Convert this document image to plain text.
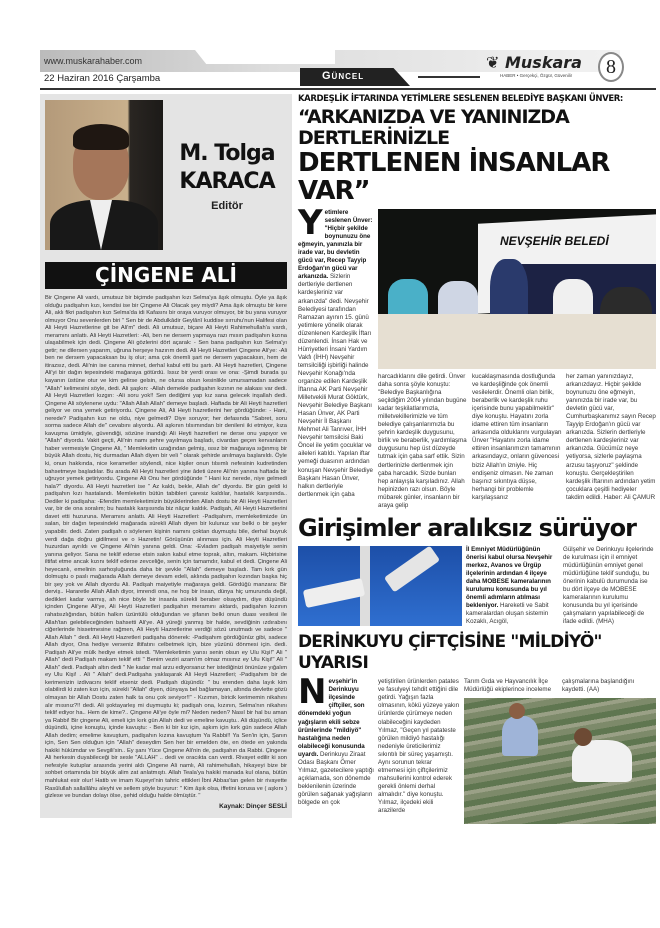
www.muskarahaber.com
22 Haziran 2016 Çarşamba	Güncel
❦ Muskara
HABER • Gerçekçi, Özgür, Güvenilir	8
M. Tolga
KARACA
Editör
ÇİNGENE ALİ
Bir Çingene Ali vardı, umutsuz bir biçimde padişahın kızı Selma'ya âşık olmuştu. Öyle ya âşık olduğu padişahın kızı, kendisi ise bir Çingene Ali Olacak şey miydi? Ama âşık olmuştu bir kere Ali, aklı fikri padişahın kızı Selma'da idi Kafasını bir oraya vuruyor olmuyor, bir bu yana vuruyor olmuyor Onu sevenlerden biri " Sen bir de Abdulkâdir Geylânî kuddise sırruhu'nun Halifesi olan Ali Heyti Hazretlerine git be Ali'm" dedi. Ali umutsuz, biçare Ali Heyti Rahimehullah'a vardı, meramını anlattı. Ali Heyti Hazretleri: -Ali, ben ne dersem yapmaya razı mısın padişahın kızına ulaşabilmek için dedi. Çingene Ali gözlerini dört açarak: - Sen bana padişahın kızı Selma'yı getir; ne dilersen yaparım, uğruna herşeye hazırım dedi. Ali Heyti Hazretleri Çingene Ali'ye: -Ali ben ne dersem yapacaksan bu iş olur; ama çok önemli şart ne dersem yapacaksın, hem de itirazsız, dedi. Ali'nin ise canına minnet, derhal kabul etti bu şartı. Ali Heyti hazretleri, Çingene Ali'yi bir dağın tepesindeki mağaraya götürdü. Issız bir yerdi orası ve ona: -Şimdi burada şu kayanın üstüne otur ve kim gelirse gelsin, ne olursa olsun kesinlikle umursamadan sadece "Allah" kelimesini söyle, dedi. Ali şaşkın: -Allah demekle padişahın kızının ne alakası var dedi. Ali Heyti Hazretleri kızgın: -Ali soru yok!! Sen dediğimi yap kız sana gelecek inşallah dedi. Çingene Ali söylenene uydu: "Allah Allah Allah" demeye başladı. Haftada bir Ali Heyti hazretleri geliyor ve ona yemek getiriyordu. Çingene Ali, Ali Heyti hazretlerini her gördüğünde: - Hani, nerede? Padişahın kızı ne oldu, niye gelmedi? Diye soruyor; her defasında "Sabret, soru sorma sadece Allah de" cevabını alıyordu. Ali aşkının tılsımından bir denileni iki etmiyor, kıza kavuşma ümidiyle, güvendiği, sözüne inandığı Ali Heyti hazretleri ne derse onu yapıyor ve "Allah" diyordu. Vakit geçti, Ali'nin namı şehre yayılmaya başladı, civardan geçen kervanların haber vermesiyle Çingene Ali, " Memleketin uzağından gelmiş, ıssız bir mağaraya sığınmış bir büyük Allah dostu, hiç durmadan Allah diyen bir veli " olarak şehirde anılmaya başlanıldı. Öyle ki, onun hakkında, nice kerametler söylendi, nice kişiler onun tılsımlı nefesinin kudretinden bahsetmeye başladılar. Bu arada Ali Heyti hazretleri yine âdeti üzere Ali'nin yanına haftada bir uğruyor yemek getiriyordu. Çingene Ali Onu her gördüğünde " Hani kız nerede, niye gelmedi hala?" diyordu. Ali Heyti hazretleri ise " Az kaldı, bekle, Allah de" diyordu. Bir gün geldi ki padişahın kızı hastalandı. Memleketin bütün tabibleri çaresiz kaldılar, hastalık karşısında.. Dediler ki padişaha: -Efendim memleketimizin büyüklerinden Allah dostu bir Ali Heyti Hazretleri var, bir de ona soralım; bu hastalık karşısında biz nâçar kaldık. Padişah, Ali Heyti Hazretlerini davet etti huzuruna. Meramını anlattı. Ali Heyti Hazretleri: -Padişahım, memleketimizde ün salan, bir dağın tepesindeki mağarada sürekli Allah diyen bir kulunuz var belki o bir şeyler yapabilir. dedi. Zaten padişah o söylenen kişinin namını çoktan duymuştu bile, derhal buyruk verdi dağa doğru gidilmesi ve o Hazretin! Görüşünün alınması için. Ali Heyti Hazretleri huzurdan ayrıldı ve Çingene Ali'nin yanına geldi. Ona: -Evladım padişah maiyetiyle senin yanına geliyor. Sana ne teklif ederse etsin sakın kabul etme toprak, altın, makam. Hiçbirisine iltifat etme ancak kızını teklif ederse zevceliğe, senin için tamamdır, kabul et dedi. Çingene Ali heyecanlı, emelinin sarhoşluğunda daha bir şevkle "Allah" demeye başladı. Tam kırk gün dolmuştu o paslı mağarada Allah demeye devam edeli, aklında padişahın kızından başka hiç bir şey yok ve Allah diyordu Ali. Padişah maiyetiyle mağaraya geldi. Gördüğü manzara: Bir derviş.. Hararetle Allah Allah diyor, imrendi ona, ne hoş bir insan, dünya hiç umurunda değil, dedikleri kadar varmış, ah nice böyle bir insanla sürekli beraber olsaydım, diye düşündü içinden Çingene Ali'ye, Ali Heyti Hazretleri padişahın meramını aktardı, padişahın kızının rahatsızlığından, bütün halkın üzüntülü olduğundan ve şifanın belki onun duası vesilesi ile Allah'tan gelebileceğinden bahsetti Ali'ye. Ali yüreği yanmış bir halde, sevdiğinin ızdırabını ciğerlerinde hissetmesine rağmen, Ali Heyti Hazretlerine verdiği sözü unutmadı ve sadece " Allah Allah " dedi. Ali Heyti Hazretleri padişaha dönerek: -Padişahım gördüğünüz gibi, sadece Allah diyor, Ona hediye verseniz iltifatını celbetmek için, bize yüzünü dönmesi için. dedi. Padişah Ali'ye mülk hediye etmek istedi. "Memleketimin yarısı senin olsun ey Ulu Kişi!" Ali " Allah" dedi Padişah makam teklif etti " Benim veziri azam'ım olmaz mısınız ey Ulu Kişi!" Ali " Allah" dedi. Padişah altın dedi " Ne kadar mal arzu ediyorsanız her istediğinizi önünüze yığalım ey Ulu Kişi! . Ali " Allah" dedi.Padişaha yaklaşarak Ali Heyti Hazretleri; -Padişahım bir de kerimenizin izdivacını teklif etseniz dedi. Padişah düşündü: " bu erenden daha layık kim olabilirdi ki zaten kızı için, sürekli "Allah" diyen, dünyaya bel bağlamayan, altında devlette gözü olmayan bir Allah Dostu zaten halk ta onu çok seviyor!!" - Kızımın, biricik kerimemin nikahını alır mısınız?!! dedi. Ali şoktayarleş mi duymuştu ki; padişah ona, kızının, Selma'nın nikahını teklif ediyor ha.. Hem de kime?.. Çingene Ali'ye öyle mi? Neden neden? Nasıl bir hal bu aman ya Rabbi! Bir çingene Ali, emeli için kırk gün Allah dedi ve emeline kavuştu.. Ali düşündü, içlice düşündü, içine konuştu, içinde kavuştu: - Ben ki bir kız için, aşkım için kırk gün sadece Allah Allah dedim; emelime kavuştum, padişahın kızına kavuştum Ya Rabbi!! Ya Sen'in için, Şanın için, Sen Sen olduğun için "Allah" deseydim Sen her bir emelden öte, en ötede en yakında hakiki hükümdar ve Sevgili'sin.. Ey şanı Yüce Çingene Ali'nin de, padişahın da Rabbi. Çingene Ali herkesin duyabileceği bir sesle "ALLAH" .. dedi ve oracıkta can verdi. Rivayet edilir ki son nefesiyle kutuplar arasında yerini aldı Çingene Ali namlı, Ali rahimehullah, hikayeyi bize bir sohbet ortamında bir büyük alim zat anlatmıştı. Allah Teala'ya hakiki manada kul olana, bütün mahlukat esir olur! Hatib ve imam Kuşeyri'nin tahric ettikleri İbni Abbas'tan gelen bir rivayette Rasûlullah sallallâhu aleyhi ve sellem şöyle buyurur: " Kim âşık olsa, iffetini korusa ve ( aşkını ) gizlese ve bundan dolayı ölse, şehid olduğu halde ölmüştür. "
Kaynak: Dinçer SESLİ
KARDEŞLİK İFTARINDA YETİMLERE SESLENEN BELEDİYE BAŞKANI ÜNVER:
“ARKANIZDA VE YANINIZDA DERTLERİNİZLE
DERTLENEN İNSANLAR VAR”
Yetimlere seslenen Ünver: "Hiçbir şekilde boynunuzu öne eğmeyin, yanınızla bir irade var, bu devletin gücü var, Recep Tayyip Erdoğan'ın gücü var arkanızda. Sizlerin dertleriyle dertlenen kardeşleriniz var arkanızda" dedi. Nevşehir Belediyesi tarafından Ramazan ayının 15. günü yetimlere yönelik olarak düzenlenen Kardeşlik İftarı düzenlendi. İnsan Hak ve Hürriyetleri İnsani Yardım Vakfı (İHH) Nevşehir temsilciliği işbirliği halinde Nevşehir Konağı'nda organize edilen Kardeşlik İftarına AK Parti Nevşehir Milletvekili Murat Göktürk, Nevşehir Belediye Başkanı Hasan Ünver, AK Parti Nevşehir İl Başkanı Mehmet Ali Tanrıver, İHH Nevşehir temsilcisi Baki Öncel ile yetim çocuklar ve aileleri katıldı. Yapılan iftar yemeği duasının ardından konuşan Nevşehir Belediye Başkanı Hasan Ünver, halkın dertleriyle dertlenmek için çaba
NEVŞEHİR BELEDİ
harcadıklarını dile getirdi. Ünver daha sonra şöyle konuştu: "Belediye Başkanlığına seçildiğim 2004 yılından bugüne kadar teşkilatlarımızla, milletvekillerimizle ve tüm belediye çalışanlarımızla bu şehrin kardeşlik duygusunu, birlik ve beraberlik, yardımlaşma duygusunu hep üst düzeyde tutmak için çaba sarf ettik. Sizin dertlerinizle dertlenmek için çaba harcadık. Sizde bunları hep anlayışla karşıladınız. Allah hepinizden razı olsun. Böyle mübarek günler, insanların bir araya gelip
kucaklaşmasında dostluğunda ve kardeşliğinde çok önemli vesilelerdir. Önemli olan birlik, beraberlik ve kardeşlik ruhu içerisinde bunu yapabilmektir" diye konuştu. Hayatını zorla idame ettiren tüm insanların arkasında olduklarını vurgulayan Ünver "Hayatını zorla idame ettiren insanlarımızın tamamının arkasındayız, onların güvencesi biziz Allah'ın izniyle. Hiç endişeniz olmasın. Ne zaman başınız sıkıntıya düşse, herhangi bir problemle karşılaşsanız
her zaman yanınızdayız, arkanızdayız. Hiçbir şekilde boynunuzu öne eğmeyin, yanınızda bir irade var, bu devletin gücü var, Cumhurbaşkanımız sayın Recep Tayyip Erdoğan'ın gücü var arkanızda. Sizlerin dertleriyle dertlenen kardeşleriniz var arkanızda. Gücümüz neye yetiyorsa, sizlerle paylaşma arzusu taşıyoruz" şeklinde konuştu. Gerçekleştirilen kardeşlik iftarının ardından yetim çocuklara çeşitli hediyeler takdim edildi. Haber: Ali ÇAMUR
Girişimler aralıksız sürüyor
İl Emniyet Müdürlüğünün önerisi kabul olursa Nevşehir merkez, Avanos ve Ürgüp ilçelerinin ardından 4 ilçeye daha MOBESE kameralarının kurulumu konusunda bu yıl önemli adımların atılması bekleniyor. Hareketli ve Sabit kameralardan oluşan sistemin Kozaklı, Acıgöl,
Gülşehir ve Derinkuyu ilçelerinde de kurulması için il emniyet müdürlüğünün emniyet genel müdürlüğüne teklif sunduğu, bu önerinin kabulü durumunda ise bu dört ilçeye de MOBESE kameralarının kurulumu konusunda bu yıl içerisinde çalışmaların yapılabileceği de ifade edildi. (MHA)
DERİNKUYU ÇİFTÇİSİNE "MİLDİYÖ" UYARISI
Nevşehir'in Derinkuyu ilçesinde çiftçiler, son dönemdeki yoğun yağışların ekili sebze ürünlerinde "mildiyö" hastalığına neden olabileceği konusunda uyardı. Derinkuyu Ziraat Odası Başkanı Ömer Yılmaz, gazetecilere yaptığı açıklamada, son dönemde beklenilenin üzerinde görülen sağanak yağışların bölgede en çok
yetiştirilen ürünlerden patates ve fasulyeyi tehdit ettiğini dile getirdi. Yağışın fazla olmasının, kökü yüzeye yakın ürünlerde çürümeye neden olabileceğini kaydeden Yılmaz, "Geçen yıl patateste görülen mildiyö hastalığı nedeniyle üreticilerimiz sıkıntılı bir süreç yaşamıştı. Aynı sorunun tekrar etmemesi için çiftçilerimiz mahsullerini kontrol ederek gerekli önlemi derhal almalıdır." diye konuştu. Yılmaz, ilçedeki ekili arazilerde
Tarım Gıda ve Hayvancılık İlçe Müdürlüğü ekiplerince inceleme
çalışmalarına başlandığını kaydetti. (AA)
